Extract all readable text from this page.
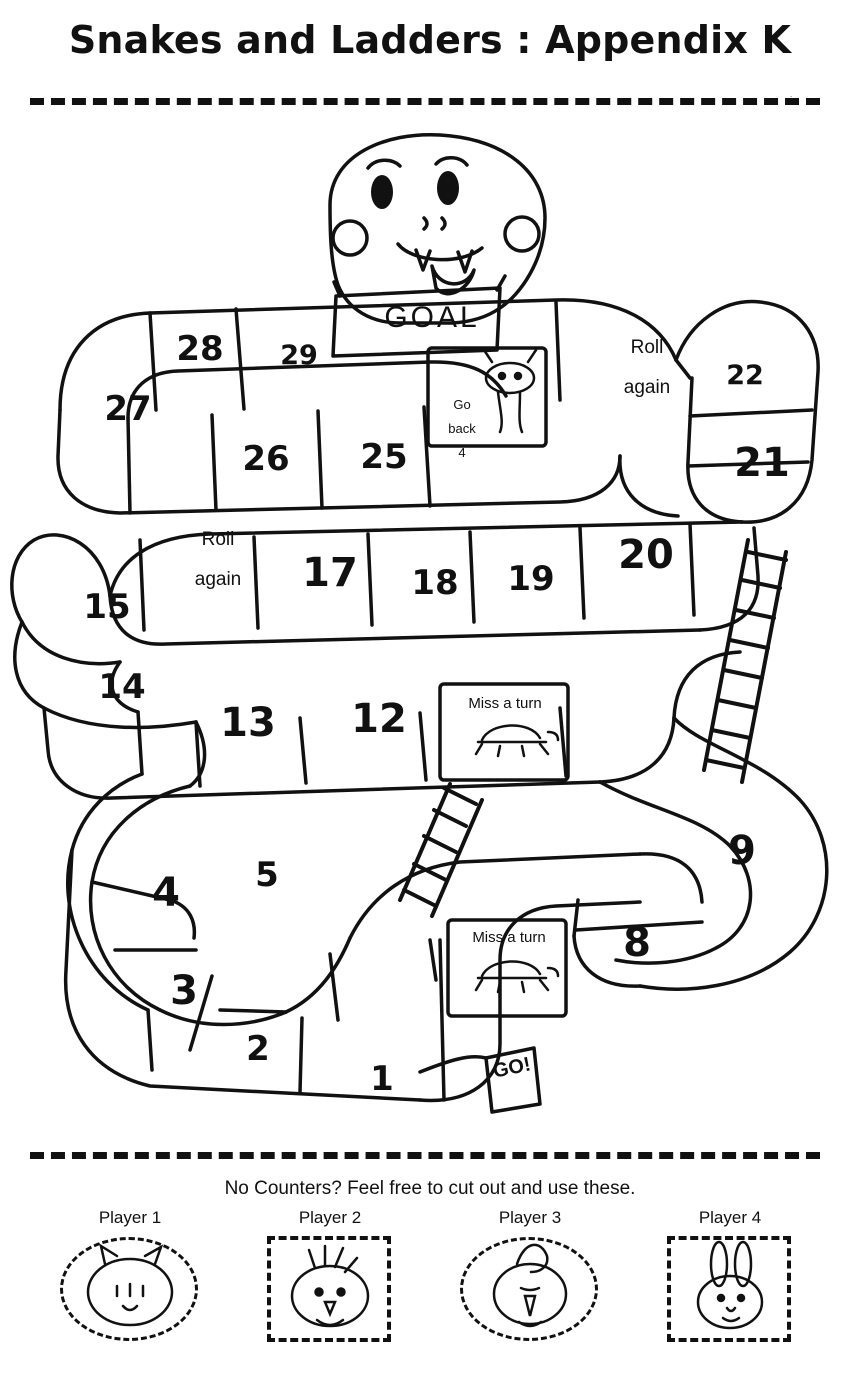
Snakes and Ladders : Appendix K
.
GOAL
28	29
27
26	25
Go
back
4
Roll
again	22
21
20
19
18
17
Roll
again
15
14
13	12	Miss a turn
9
8
Miss a turn
5
4
3
2
1	GO!
No Counters? Feel free to cut out and use these.
Player 1	Player 2	Player 3	Player 4
